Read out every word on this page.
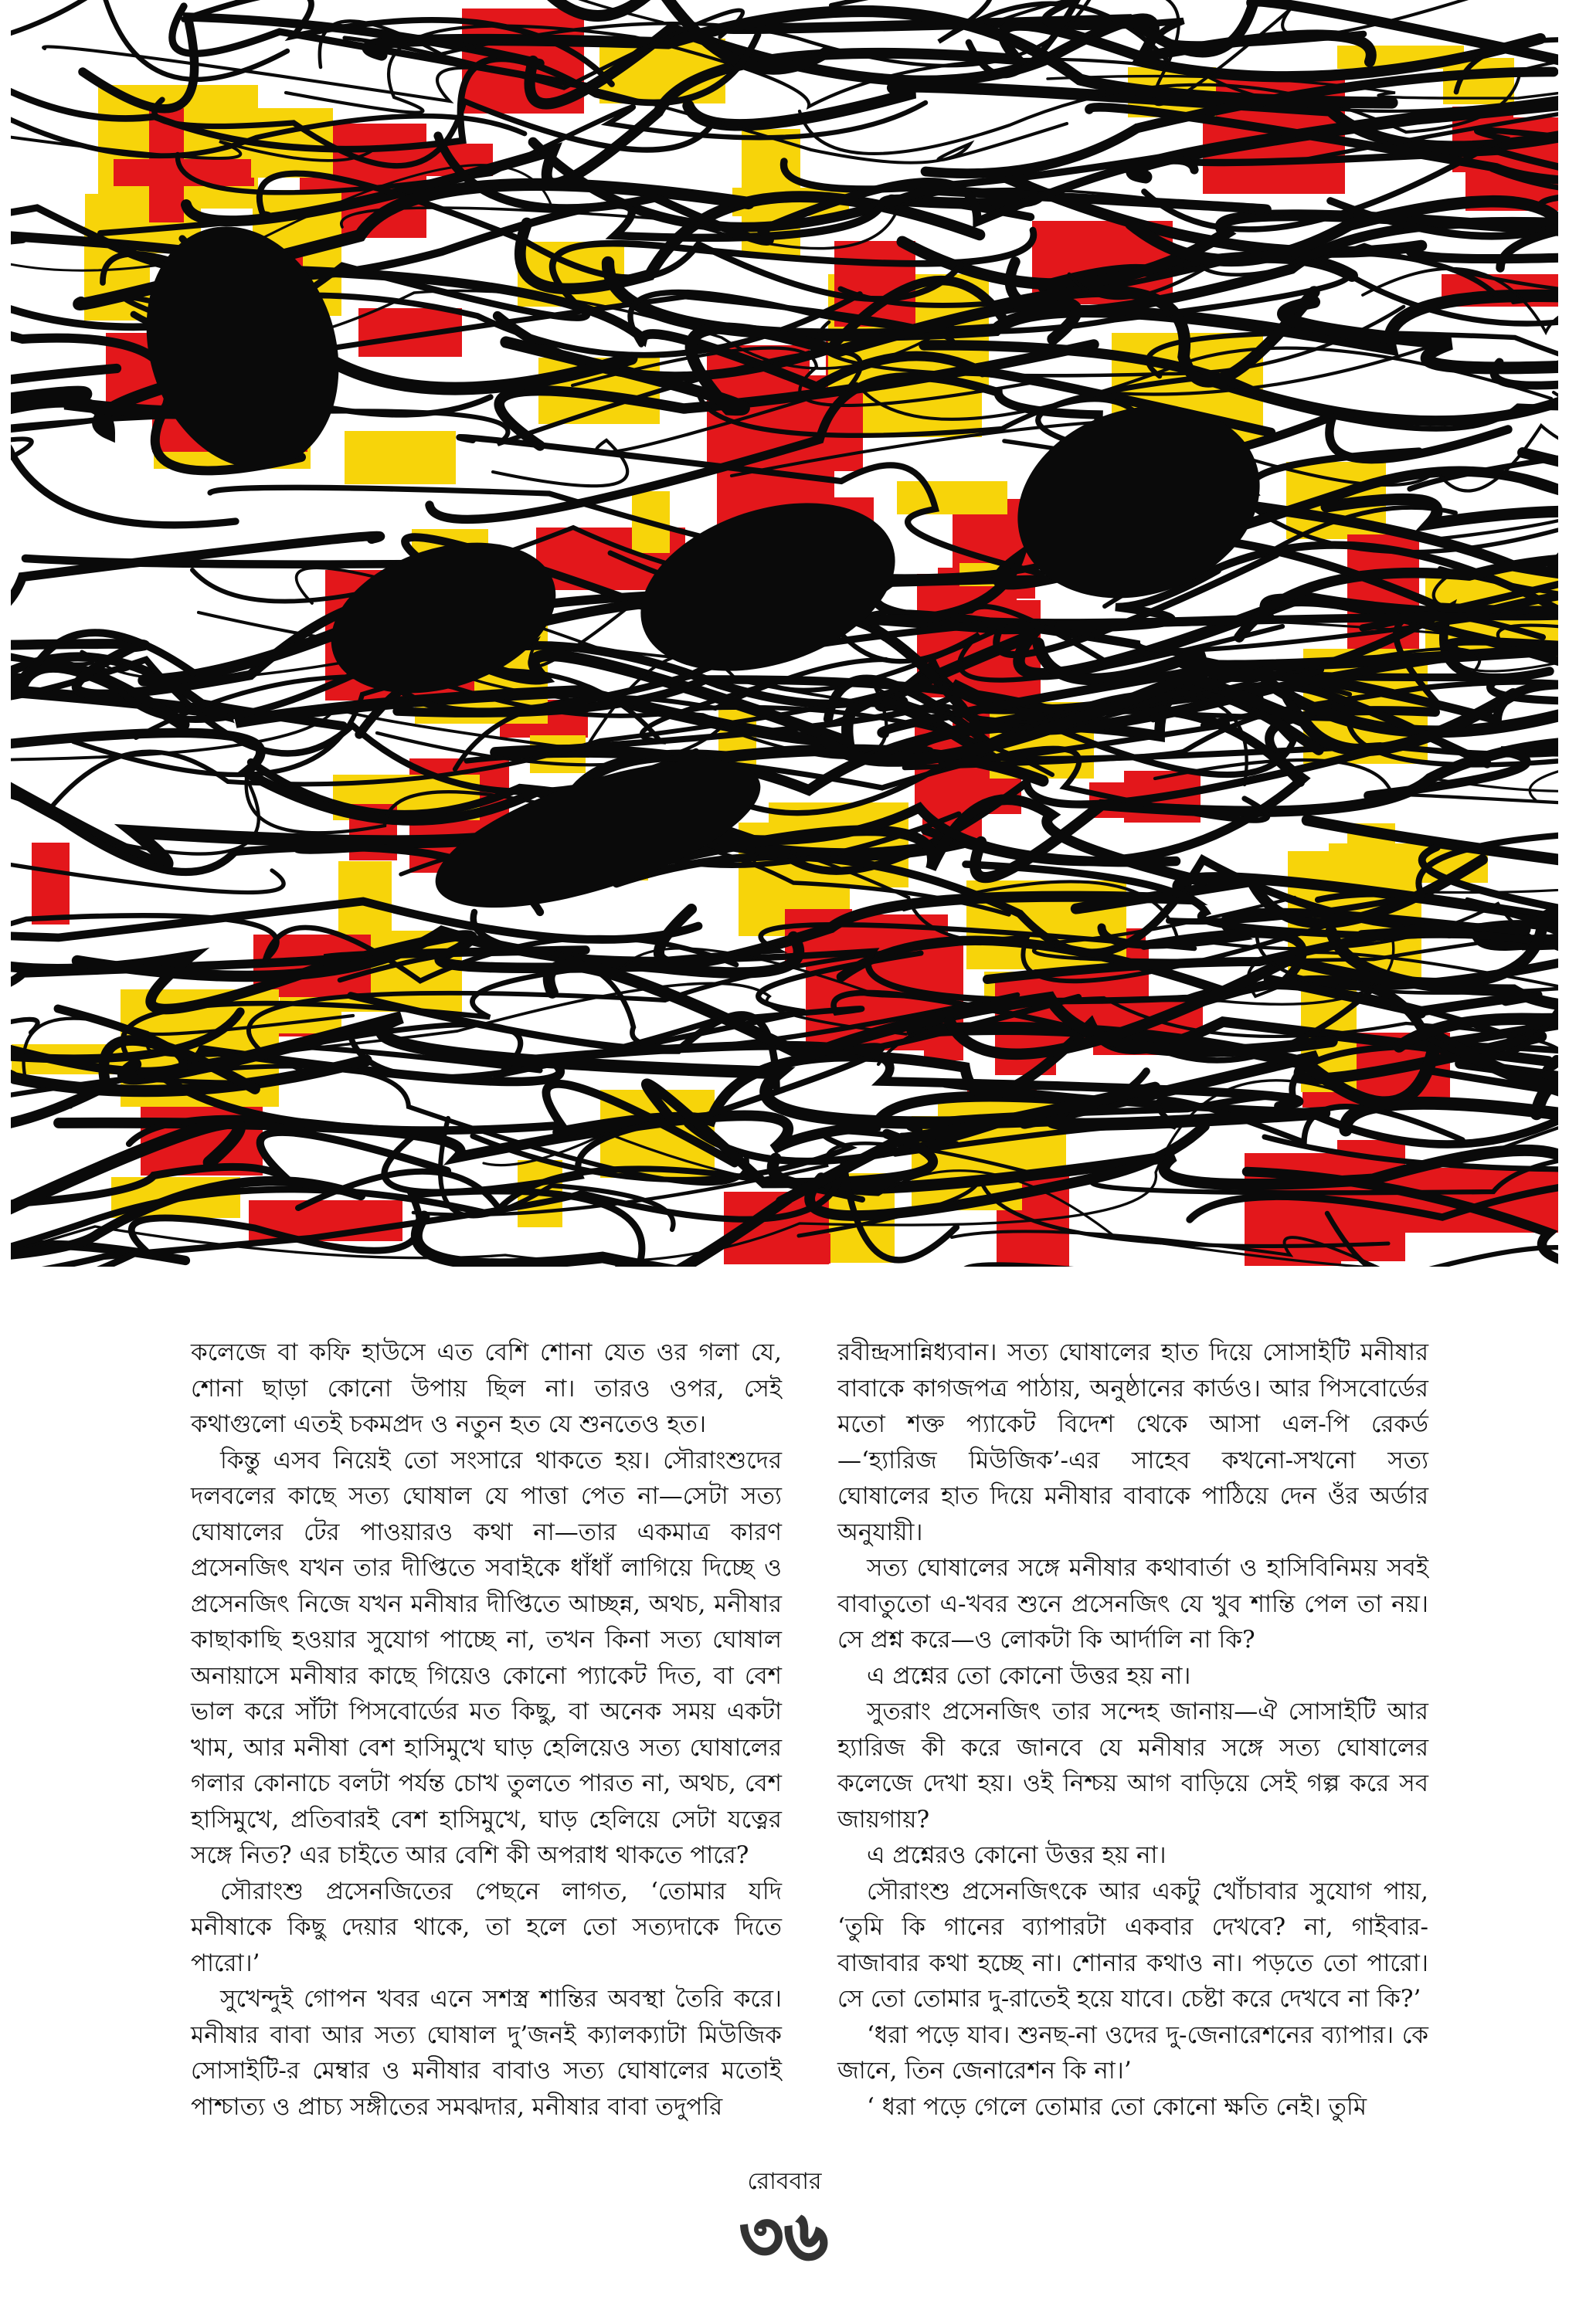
কলেজে বা কফি হাউসে এত বেশি শোনা যেত ওর গলা যে, শোনা ছাড়া কোনো উপায় ছিল না। তারও ওপর, সেই কথাগুলো এতই চকমপ্রদ ও নতুন হত যে শুনতেও হত।

কিন্তু এসব নিয়েই তো সংসারে থাকতে হয়। সৌরাংশুদের দলবলের কাছে সত্য ঘোষাল যে পাত্তা পেত না—সেটা সত্য ঘোষালের টের পাওয়ারও কথা না—তার একমাত্র কারণ প্রসেনজিৎ যখন তার দীপ্তিতে সবাইকে ধাঁধাঁ লাগিয়ে দিচ্ছে ও প্রসেনজিৎ নিজে যখন মনীষার দীপ্তিতে আচ্ছন্ন, অথচ, মনীষার কাছাকাছি হওয়ার সুযোগ পাচ্ছে না, তখন কিনা সত্য ঘোষাল অনায়াসে মনীষার কাছে গিয়েও কোনো প্যাকেট দিত, বা বেশ ভাল করে সাঁটা পিসবোর্ডের মত কিছু, বা অনেক সময় একটা খাম, আর মনীষা বেশ হাসিমুখে ঘাড় হেলিয়েও সত্য ঘোষালের গলার কোনাচে বলটা পর্যন্ত চোখ তুলতে পারত না, অথচ, বেশ হাসিমুখে, প্রতিবারই বেশ হাসিমুখে, ঘাড় হেলিয়ে সেটা যত্নের সঙ্গে নিত? এর চাইতে আর বেশি কী অপরাধ থাকতে পারে?

সৌরাংশু প্রসেনজিতের পেছনে লাগত, ‘তোমার যদি মনীষাকে কিছু দেয়ার থাকে, তা হলে তো সত্যদাকে দিতে পারো।’

সুখেন্দুই গোপন খবর এনে সশস্ত্র শান্তির অবস্থা তৈরি করে। মনীষার বাবা আর সত্য ঘোষাল দু’জনই ক্যালক্যাটা মিউজিক সোসাইটি-র মেম্বার ও মনীষার বাবাও সত্য ঘোষালের মতোই পাশ্চাত্য ও প্রাচ্য সঙ্গীতের সমঝদার, মনীষার বাবা তদুপরি

রবীন্দ্রসান্নিধ্যবান। সত্য ঘোষালের হাত দিয়ে সোসাইটি মনীষার বাবাকে কাগজপত্র পাঠায়, অনুষ্ঠানের কার্ডও। আর পিসবোর্ডের মতো শক্ত প্যাকেট বিদেশ থেকে আসা এল-পি রেকর্ড—‘হ্যারিজ মিউজিক’-এর সাহেব কখনো-সখনো সত্য ঘোষালের হাত দিয়ে মনীষার বাবাকে পাঠিয়ে দেন ওঁর অর্ডার অনুযায়ী।

সত্য ঘোষালের সঙ্গে মনীষার কথাবার্তা ও হাসিবিনিময় সবই বাবাতুতো এ-খবর শুনে প্রসেনজিৎ যে খুব শান্তি পেল তা নয়। সে প্রশ্ন করে—ও লোকটা কি আর্দালি না কি?

এ প্রশ্নের তো কোনো উত্তর হয় না।

সুতরাং প্রসেনজিৎ তার সন্দেহ জানায়—ঐ সোসাইটি আর হ্যারিজ কী করে জানবে যে মনীষার সঙ্গে সত্য ঘোষালের কলেজে দেখা হয়। ওই নিশ্চয় আগ বাড়িয়ে সেই গল্প করে সব জায়গায়?

এ প্রশ্নেরও কোনো উত্তর হয় না।

সৌরাংশু প্রসেনজিৎকে আর একটু খোঁচাবার সুযোগ পায়, ‘তুমি কি গানের ব্যাপারটা একবার দেখবে? না, গাইবার-বাজাবার কথা হচ্ছে না। শোনার কথাও না। পড়তে তো পারো। সে তো তোমার দু-রাতেই হয়ে যাবে। চেষ্টা করে দেখবে না কি?’

‘ধরা পড়ে যাব। শুনছ-না ওদের দু-জেনারেশনের ব্যাপার। কে জানে, তিন জেনারেশন কি না।’

‘ ধরা পড়ে গেলে তোমার তো কোনো ক্ষতি নেই। তুমি

রোববার
৩৬
